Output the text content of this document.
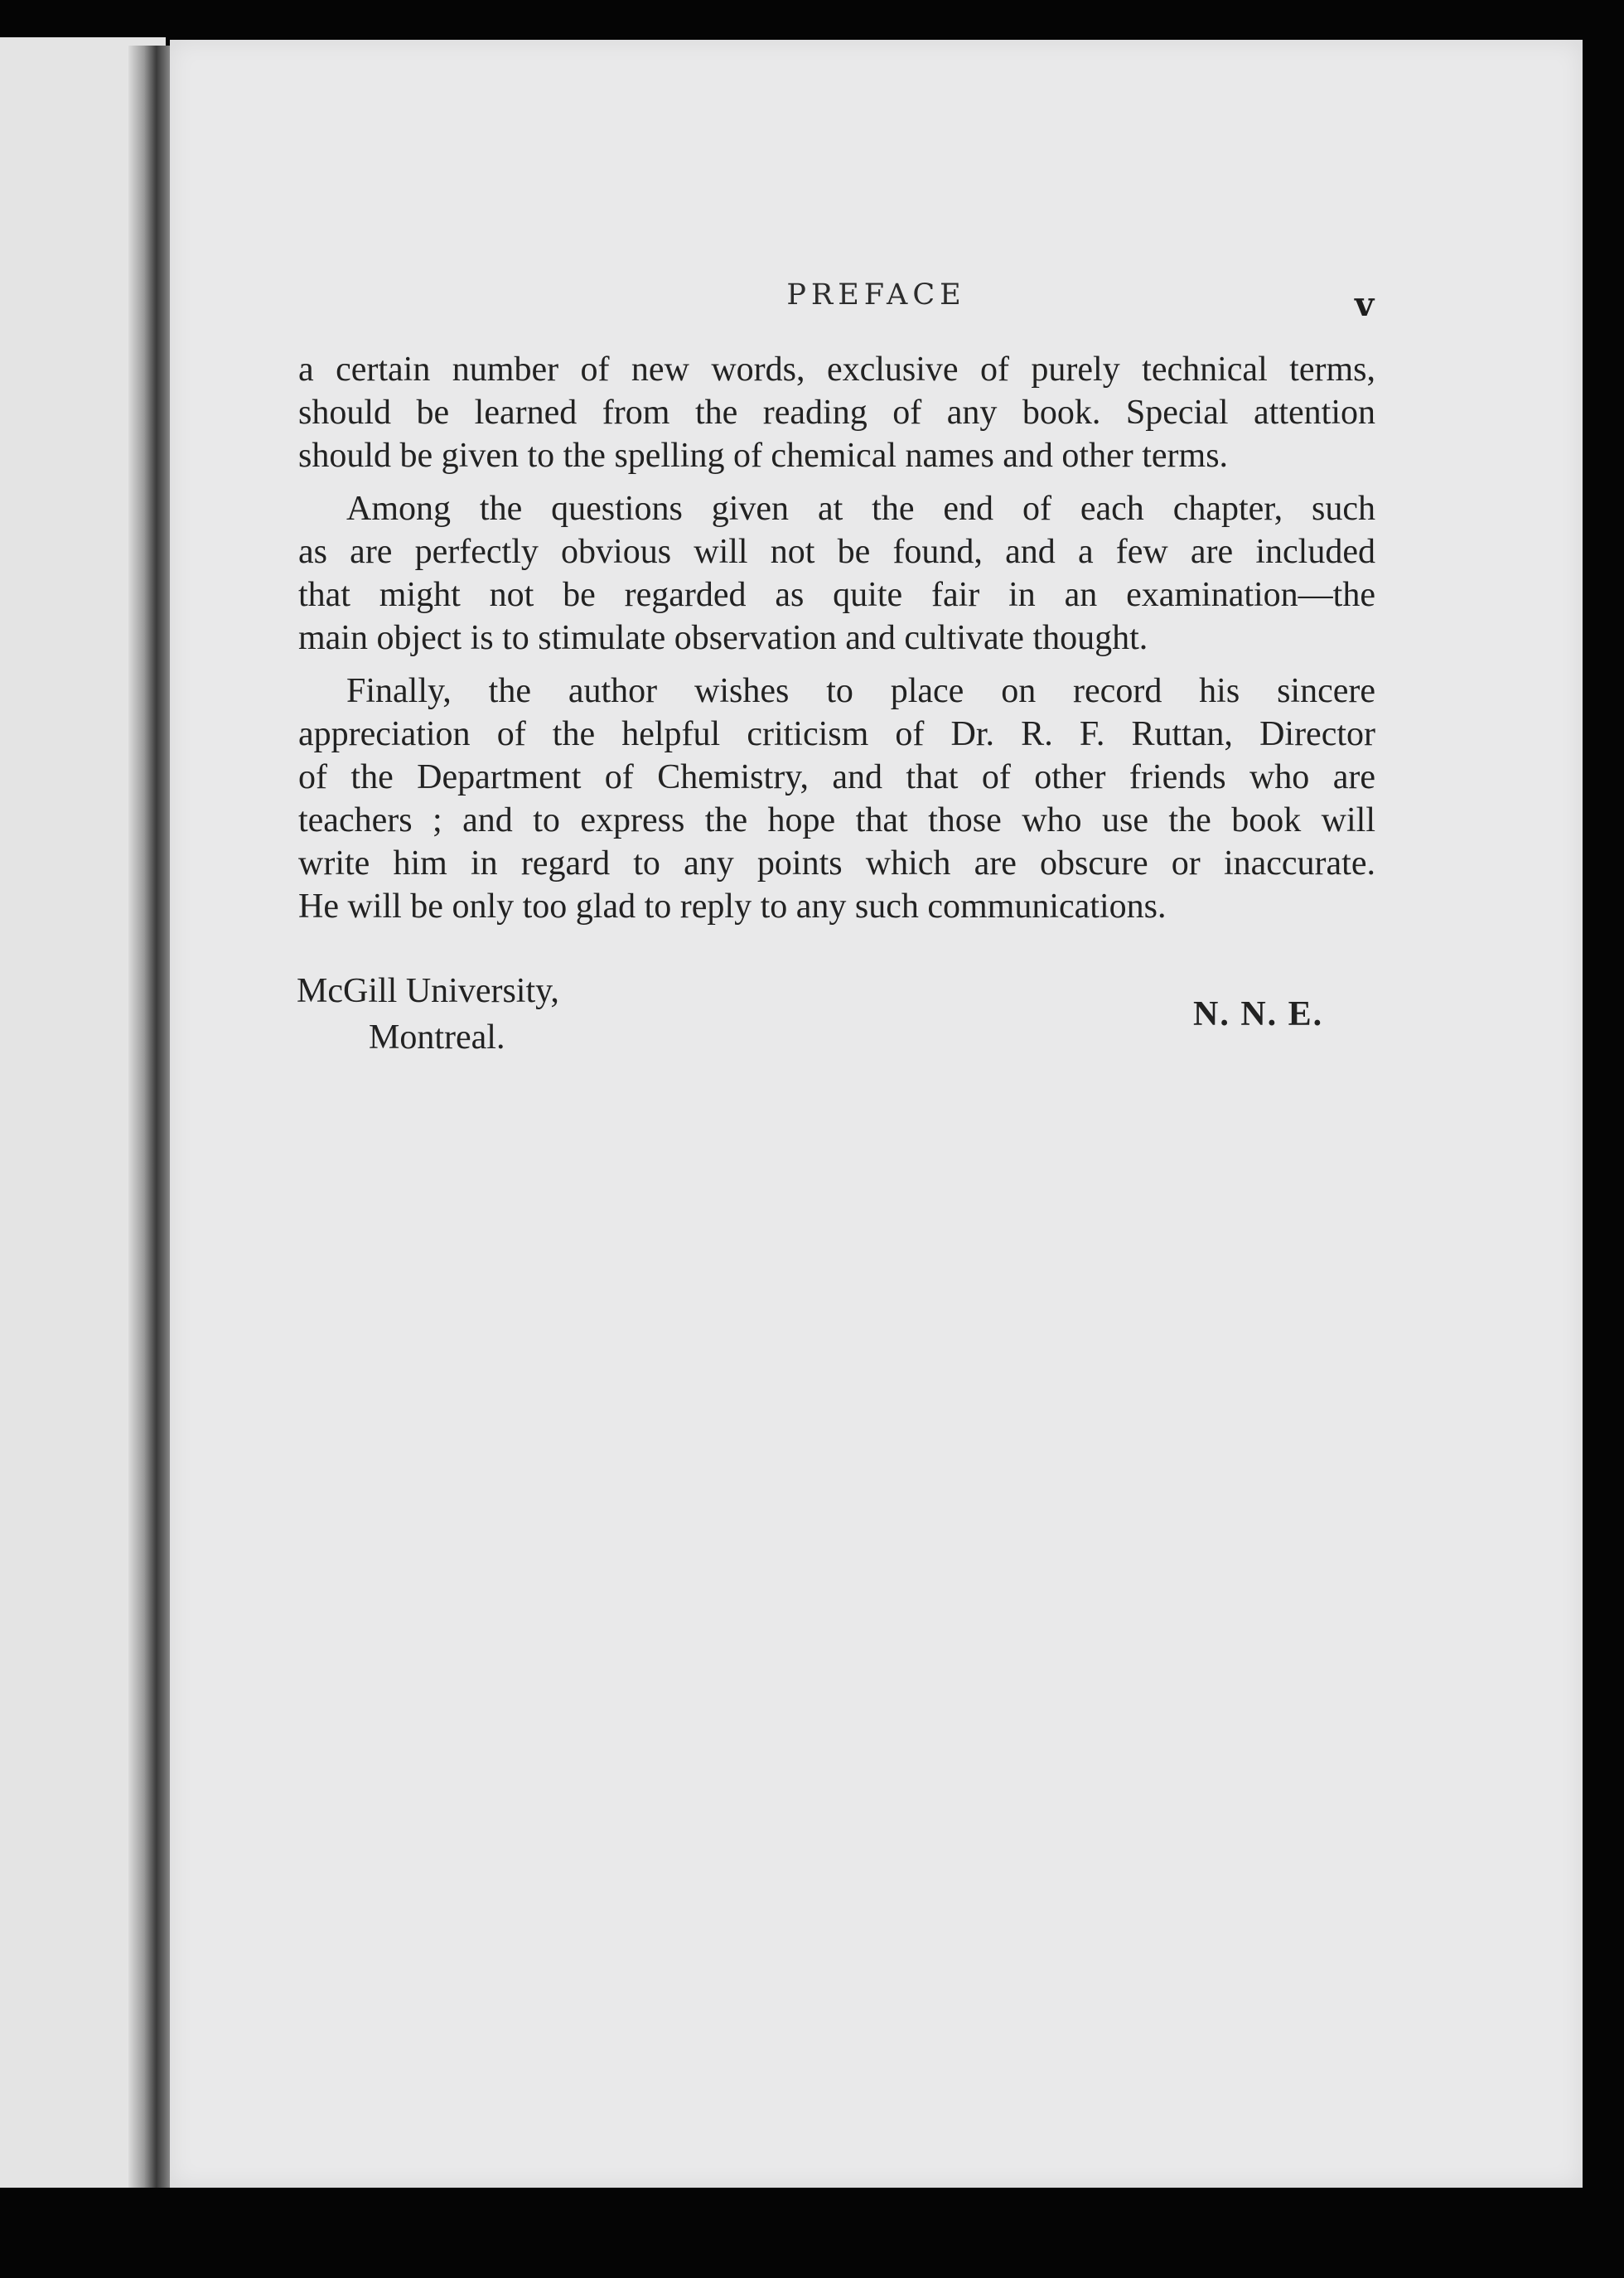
PREFACE	v
a certain number of new words, exclusive of purely technical terms,
should be learned from the reading of any book. Special attention
should be given to the spelling of chemical names and other terms.
Among the questions given at the end of each chapter, such
as are perfectly obvious will not be found, and a few are included
that might not be regarded as quite fair in an examination—the
main object is to stimulate observation and cultivate thought.
Finally, the author wishes to place on record his sincere
appreciation of the helpful criticism of Dr. R. F. Ruttan, Director
of the Department of Chemistry, and that of other friends who are
teachers ; and to express the hope that those who use the book will
write him in regard to any points which are obscure or inaccurate.
He will be only too glad to reply to any such communications.
McGill University,
Montreal.
N. N. E.
